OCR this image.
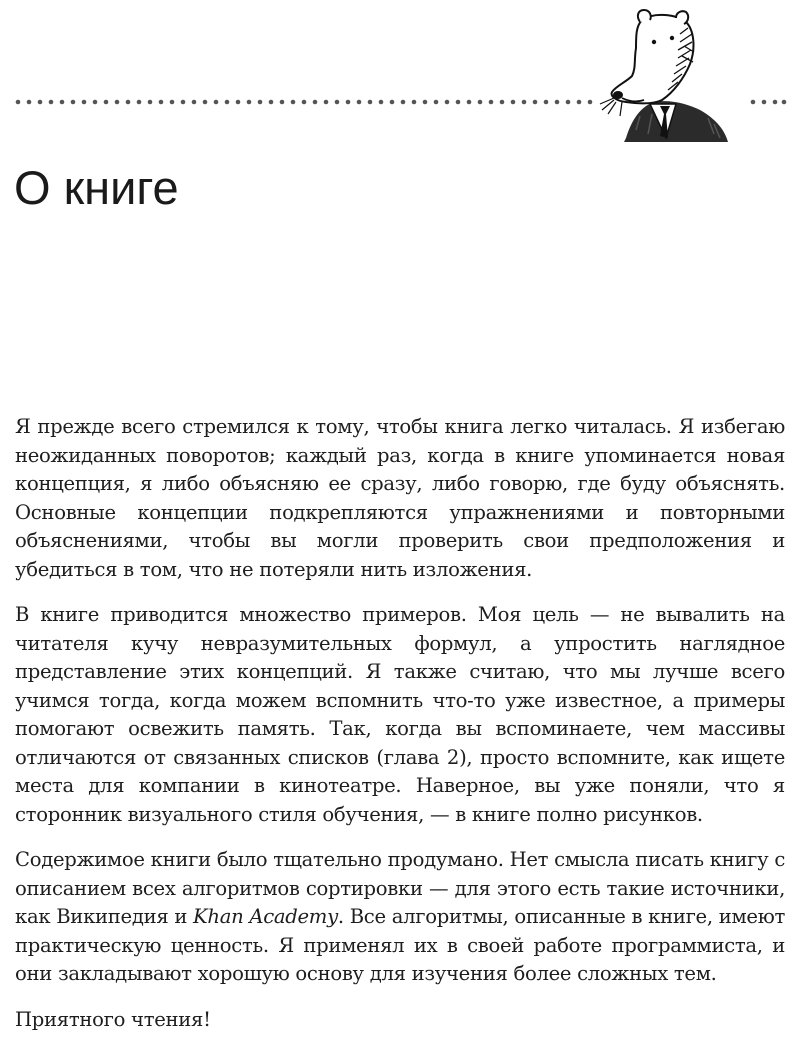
О книге

Я прежде всего стремился к тому, чтобы книга легко читалась. Я избегаю неожиданных поворотов; каждый раз, когда в книге упоминается новая концепция, я либо объясняю ее сразу, либо говорю, где буду объяснять. Основные концепции подкрепляются упражнениями и повторными объяснениями, чтобы вы могли проверить свои предположения и убедиться в том, что не потеряли нить изложения.

В книге приводится множество примеров. Моя цель — не вывалить на читателя кучу невразумительных формул, а упростить наглядное представление этих концепций. Я также считаю, что мы лучше всего учимся тогда, когда можем вспомнить что-то уже известное, а примеры помогают освежить память. Так, когда вы вспоминаете, чем массивы отличаются от связанных списков (глава 2), просто вспомните, как ищете места для компании в кинотеатре. Наверное, вы уже поняли, что я сторонник визуального стиля обучения, — в книге полно рисунков.

Содержимое книги было тщательно продумано. Нет смысла писать книгу с описанием всех алгоритмов сортировки — для этого есть такие источники, как Википедия и Khan Academy. Все алгоритмы, описанные в книге, имеют практическую ценность. Я применял их в своей работе программиста, и они закладывают хорошую основу для изучения более сложных тем.

Приятного чтения!
